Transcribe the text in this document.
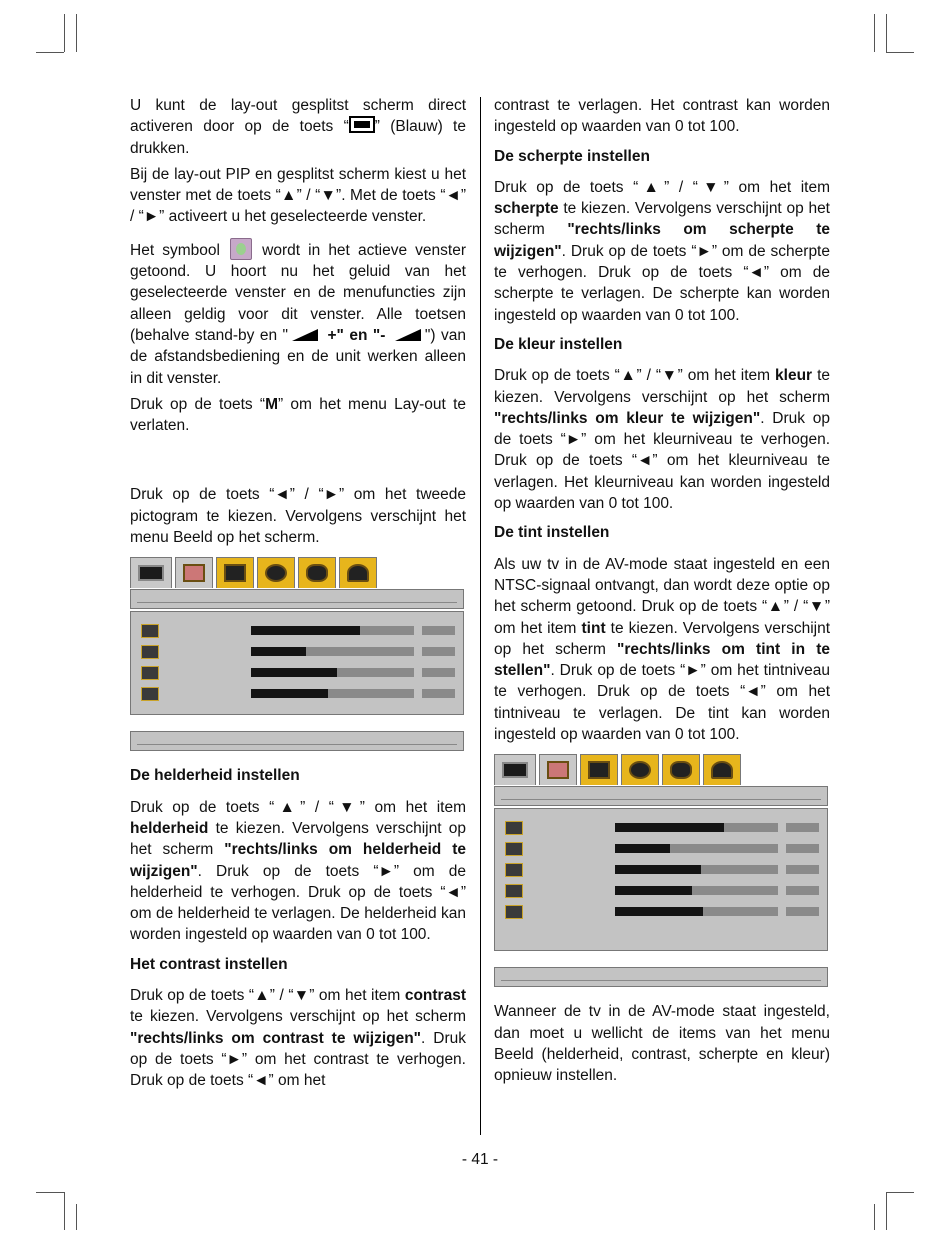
U kunt de lay-out gesplitst scherm direct activeren door op de toets “ ” (Blauw) te drukken.

Bij de lay-out PIP en gesplitst scherm kiest u het venster met de toets “▲” / “▼”. Met de toets “◄” / “►” activeert u het geselecteerde venster.

Het symbool	wordt in het actieve venster getoond. U hoort nu het geluid van het geselecteerde venster en de menufuncties zijn alleen geldig voor dit venster. Alle toetsen (behalve stand-by en " +" en "- ") van de afstandsbediening en de unit werken alleen in dit venster.

Druk op de toets “M” om het menu Lay-out te verlaten.

Druk op de toets “◄” / “►” om het tweede pictogram te kiezen. Vervolgens verschijnt het menu Beeld op het scherm.

De helderheid instellen

Druk op de toets “▲” / “▼” om het item helderheid te kiezen. Vervolgens verschijnt op het scherm "rechts/links om helderheid te wijzigen". Druk op de toets “►” om de helderheid te verhogen. Druk op de toets “◄” om de helderheid te verlagen. De helderheid kan worden ingesteld op waarden van 0 tot 100.

Het contrast instellen

Druk op de toets “▲” / “▼” om het item contrast te kiezen. Vervolgens verschijnt op het scherm "rechts/links om contrast te wijzigen". Druk op de toets “►” om het contrast te verhogen. Druk op de toets “◄” om het

contrast te verlagen. Het contrast kan worden ingesteld op waarden van 0 tot 100.

De scherpte instellen

Druk op de toets “▲” / “▼” om het item scherpte te kiezen. Vervolgens verschijnt op het scherm "rechts/links om scherpte te wijzigen". Druk op de toets “►” om de scherpte te verhogen. Druk op de toets “◄” om de scherpte te verlagen. De scherpte kan worden ingesteld op waarden van 0 tot 100.

De kleur instellen

Druk op de toets “▲” / “▼” om het item kleur te kiezen. Vervolgens verschijnt op het scherm "rechts/links om kleur te wijzigen". Druk op de toets “►” om het kleurniveau te verhogen. Druk op de toets “◄” om het kleurniveau te verlagen. Het kleurniveau kan worden ingesteld op waarden van 0 tot 100.

De tint instellen

Als uw tv in de AV-mode staat ingesteld en een NTSC-signaal ontvangt, dan wordt deze optie op het scherm getoond. Druk op de toets “▲” / “▼” om het item tint te kiezen. Vervolgens verschijnt op het scherm "rechts/links om tint in te stellen". Druk op de toets “►” om het tintniveau te verhogen. Druk op de toets “◄” om het tintniveau te verlagen. De tint kan worden ingesteld op waarden van 0 tot 100.

Wanneer de tv in de AV-mode staat ingesteld, dan moet u wellicht de items van het menu Beeld (helderheid, contrast, scherpte en kleur) opnieuw instellen.

- 41 -
